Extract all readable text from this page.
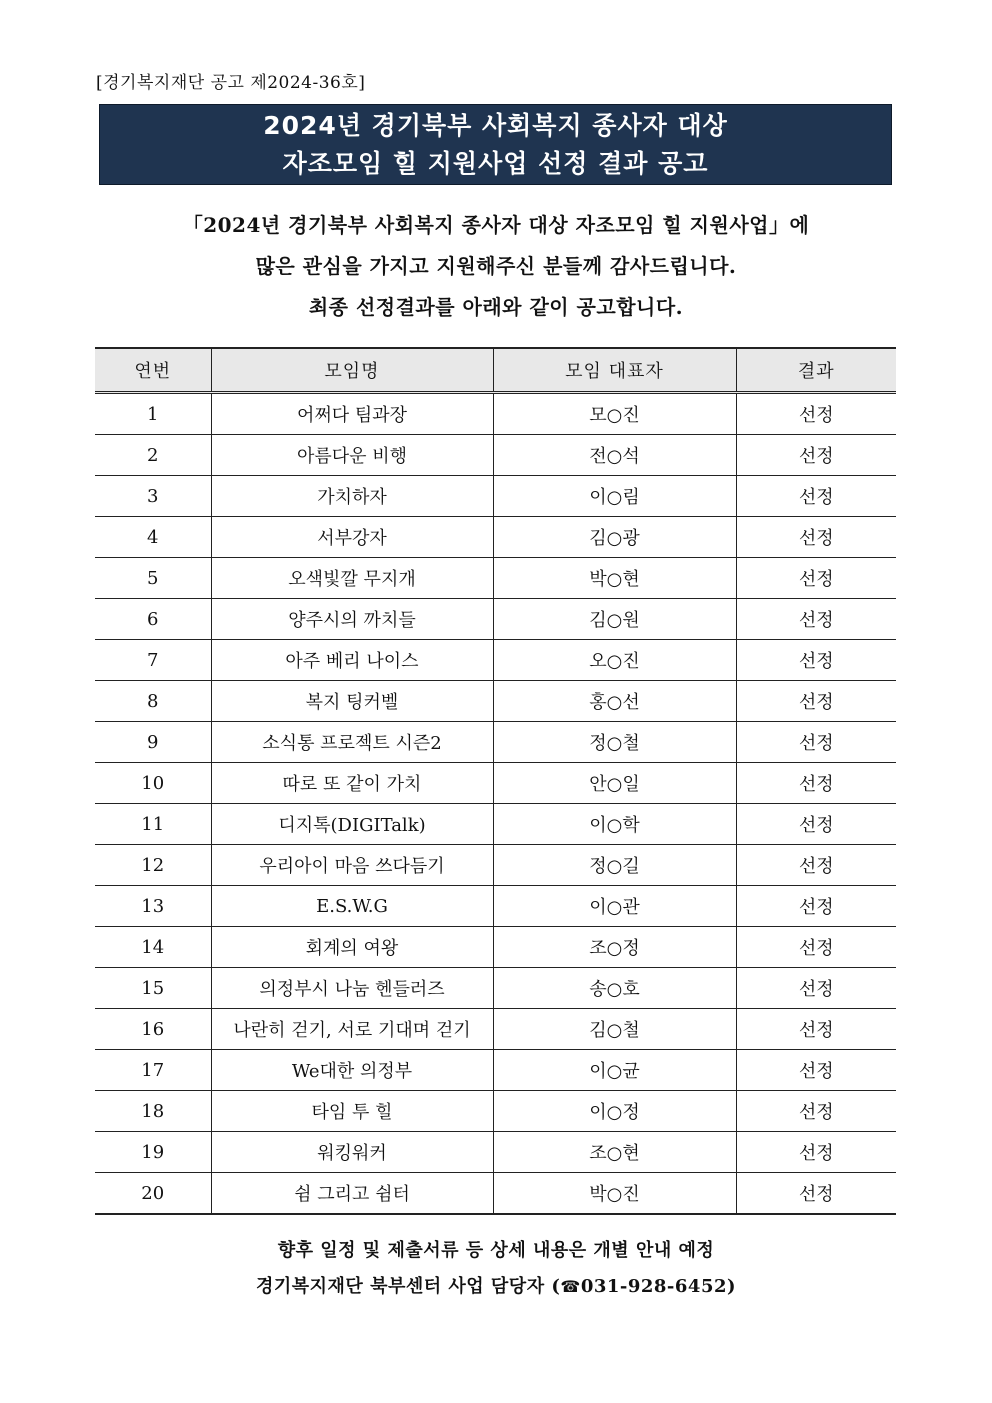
[경기복지재단 공고 제2024-36호]
2024년 경기북부 사회복지 종사자 대상
자조모임 힐 지원사업 선정 결과 공고
「2024년 경기북부 사회복지 종사자 대상 자조모임 힐 지원사업」에
많은 관심을 가지고 지원해주신 분들께 감사드립니다.
최종 선정결과를 아래와 같이 공고합니다.
연번	모임명	모임 대표자	결과
1	어쩌다 팀과장	모○진	선정
2	아름다운 비행	전○석	선정
3	가치하자	이○림	선정
4	서부강자	김○광	선정
5	오색빛깔 무지개	박○현	선정
6	양주시의 까치들	김○원	선정
7	아주 베리 나이스	오○진	선정
8	복지 팅커벨	홍○선	선정
9	소식통 프로젝트 시즌2	정○철	선정
10	따로 또 같이 가치	안○일	선정
11	디지톡(DIGITalk)	이○학	선정
12	우리아이 마음 쓰다듬기	정○길	선정
13	E.S.W.G	이○관	선정
14	회계의 여왕	조○정	선정
15	의정부시 나눔 헨들러즈	송○호	선정
16	나란히 걷기, 서로 기대며 걷기	김○철	선정
17	We대한 의정부	이○균	선정
18	타임 투 힐	이○정	선정
19	워킹워커	조○현	선정
20	쉼 그리고 쉼터	박○진	선정
향후 일정 및 제출서류 등 상세 내용은 개별 안내 예정
경기복지재단 북부센터 사업 담당자 (☎031-928-6452)
